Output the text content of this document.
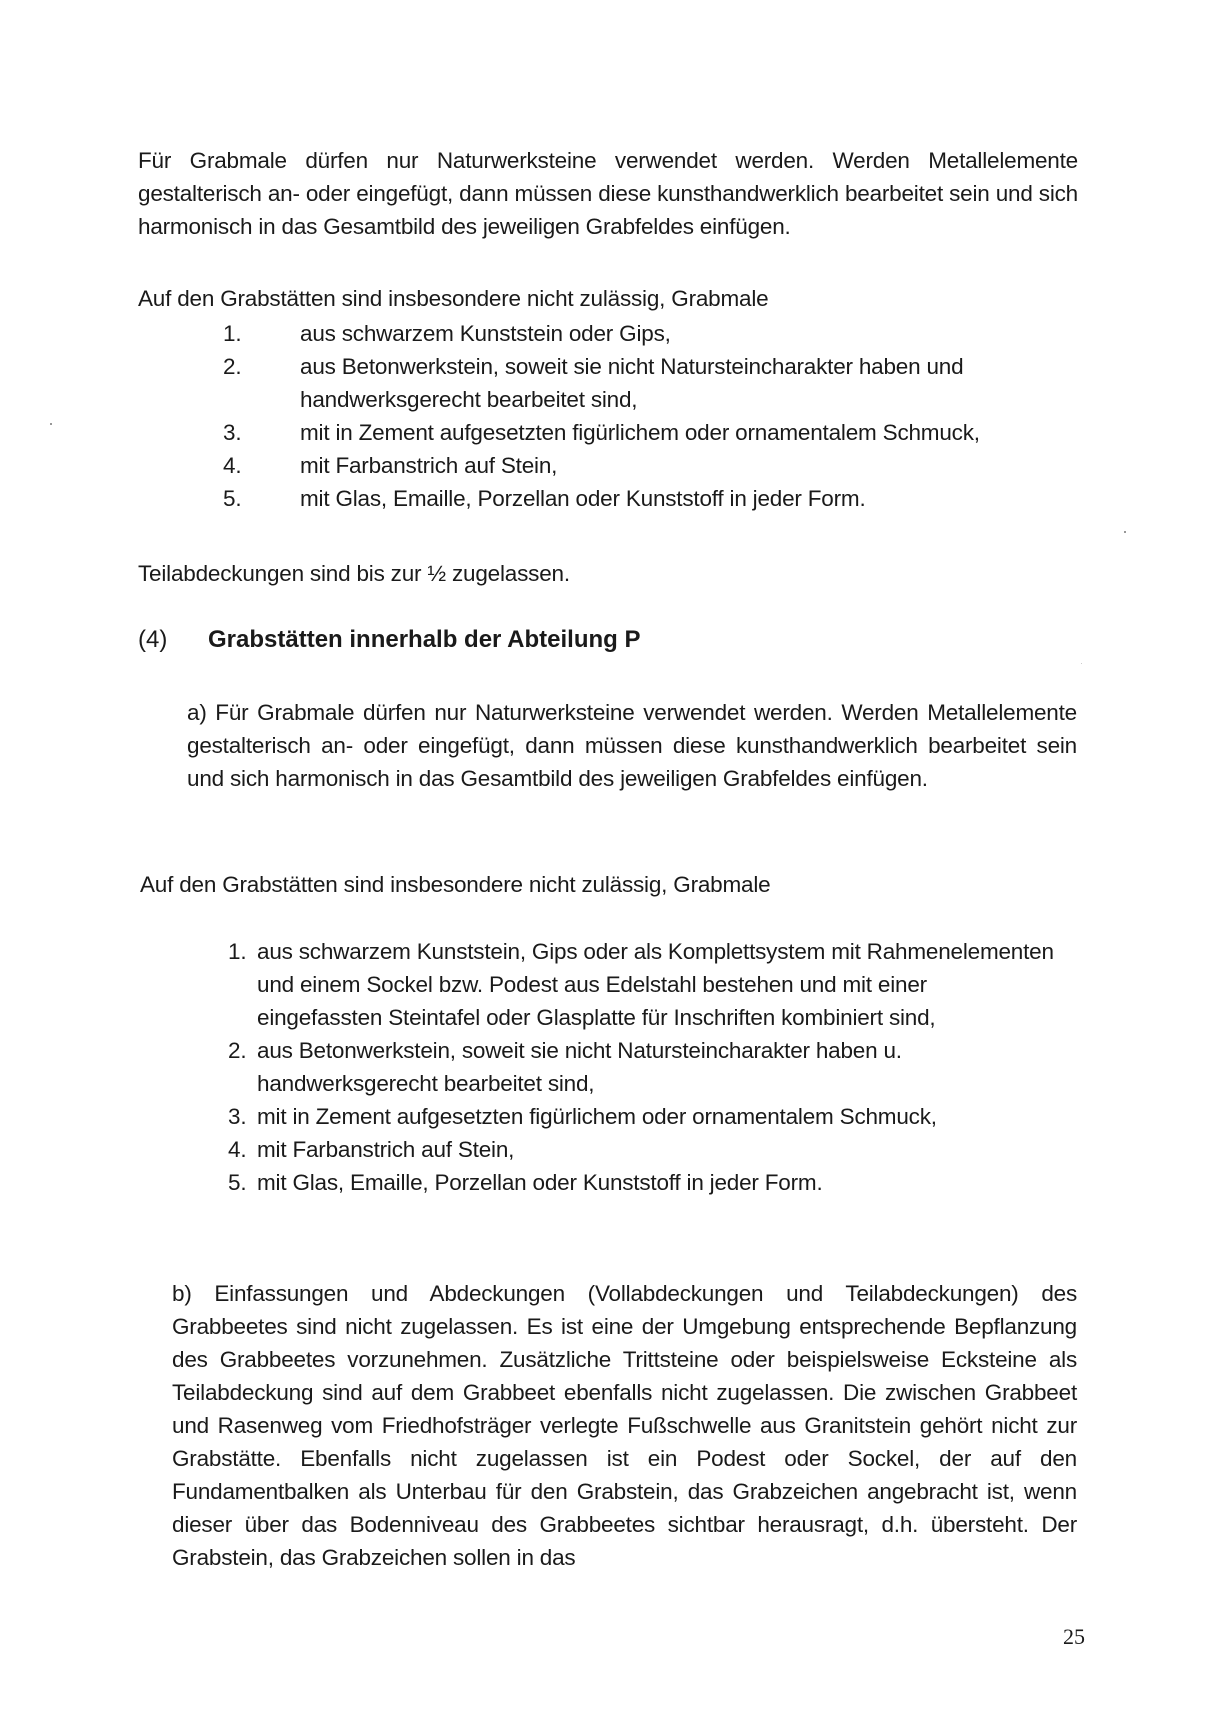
Für Grabmale dürfen nur Naturwerksteine verwendet werden. Werden Metallelemente gestalterisch an- oder eingefügt, dann müssen diese kunsthandwerklich bearbeitet sein und sich harmonisch in das Gesamtbild des jeweiligen Grabfeldes einfügen.

Auf den Grabstätten sind insbesondere nicht zulässig, Grabmale

1.	aus schwarzem Kunststein oder Gips,
2.	aus Betonwerkstein, soweit sie nicht Natursteincharakter haben und handwerksgerecht bearbeitet sind,
3.	mit in Zement aufgesetzten figürlichem oder ornamentalem Schmuck,
4.	mit Farbanstrich auf Stein,
5.	mit Glas, Emaille, Porzellan oder Kunststoff in jeder Form.

Teilabdeckungen sind bis zur ½ zugelassen.

(4) Grabstätten innerhalb der Abteilung P

a) Für Grabmale dürfen nur Naturwerksteine verwendet werden. Werden Metallelemente gestalterisch an- oder eingefügt, dann müssen diese kunsthandwerklich bearbeitet sein und sich harmonisch in das Gesamtbild des jeweiligen Grabfeldes einfügen.

Auf den Grabstätten sind insbesondere nicht zulässig, Grabmale

1. aus schwarzem Kunststein, Gips oder als Komplettsystem mit Rahmenelementen und einem Sockel bzw. Podest aus Edelstahl bestehen und mit einer eingefassten Steintafel oder Glasplatte für Inschriften kombiniert sind,
2. aus Betonwerkstein, soweit sie nicht Natursteincharakter haben u. handwerksgerecht bearbeitet sind,
3. mit in Zement aufgesetzten figürlichem oder ornamentalem Schmuck,
4. mit Farbanstrich auf Stein,
5. mit Glas, Emaille, Porzellan oder Kunststoff in jeder Form.

b) Einfassungen und Abdeckungen (Vollabdeckungen und Teilabdeckungen) des Grabbeetes sind nicht zugelassen. Es ist eine der Umgebung entsprechende Bepflanzung des Grabbeetes vorzunehmen. Zusätzliche Trittsteine oder beispielsweise Ecksteine als Teilabdeckung sind auf dem Grabbeet ebenfalls nicht zugelassen. Die zwischen Grabbeet und Rasenweg vom Friedhofsträger verlegte Fußschwelle aus Granitstein gehört nicht zur Grabstätte. Ebenfalls nicht zugelassen ist ein Podest oder Sockel, der auf den Fundamentbalken als Unterbau für den Grabstein, das Grabzeichen angebracht ist, wenn dieser über das Bodenniveau des Grabbeetes sichtbar herausragt, d.h. übersteht. Der Grabstein, das Grabzeichen sollen in das

25
